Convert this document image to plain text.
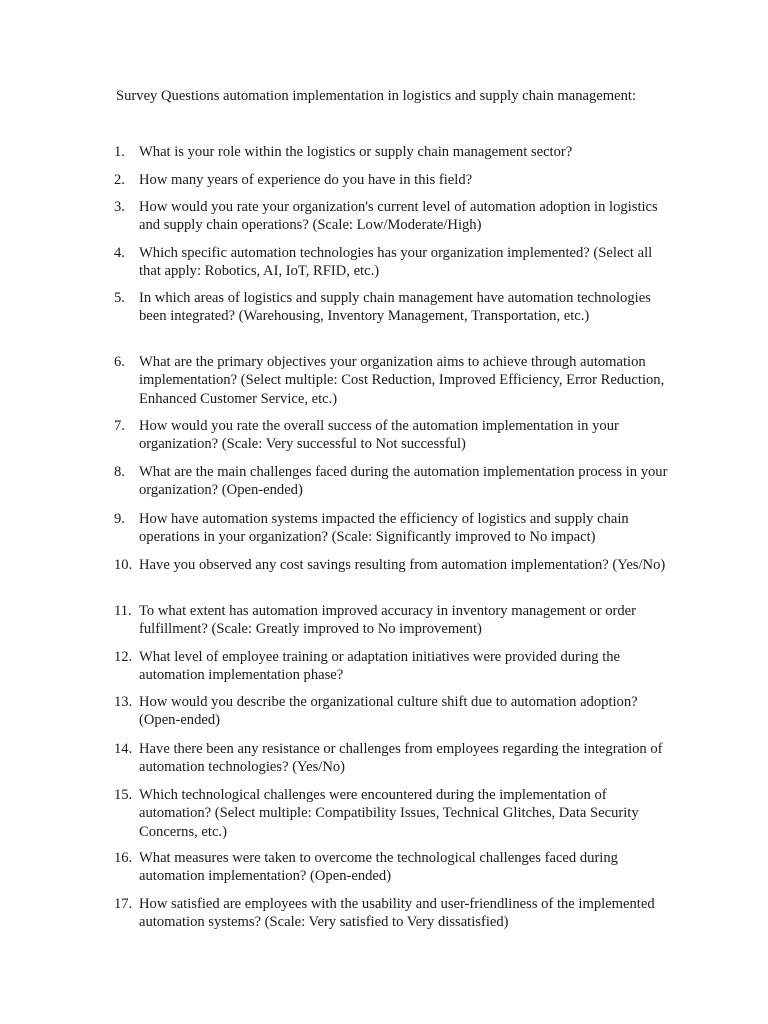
Survey Questions automation implementation in logistics and supply chain management:
1. What is your role within the logistics or supply chain management sector?
2. How many years of experience do you have in this field?
3. How would you rate your organization's current level of automation adoption in logistics and supply chain operations? (Scale: Low/Moderate/High)
4. Which specific automation technologies has your organization implemented? (Select all that apply: Robotics, AI, IoT, RFID, etc.)
5. In which areas of logistics and supply chain management have automation technologies been integrated? (Warehousing, Inventory Management, Transportation, etc.)
6. What are the primary objectives your organization aims to achieve through automation implementation? (Select multiple: Cost Reduction, Improved Efficiency, Error Reduction, Enhanced Customer Service, etc.)
7. How would you rate the overall success of the automation implementation in your organization? (Scale: Very successful to Not successful)
8. What are the main challenges faced during the automation implementation process in your organization? (Open-ended)
9. How have automation systems impacted the efficiency of logistics and supply chain operations in your organization? (Scale: Significantly improved to No impact)
10. Have you observed any cost savings resulting from automation implementation? (Yes/No)
11. To what extent has automation improved accuracy in inventory management or order fulfillment? (Scale: Greatly improved to No improvement)
12. What level of employee training or adaptation initiatives were provided during the automation implementation phase?
13. How would you describe the organizational culture shift due to automation adoption? (Open-ended)
14. Have there been any resistance or challenges from employees regarding the integration of automation technologies? (Yes/No)
15. Which technological challenges were encountered during the implementation of automation? (Select multiple: Compatibility Issues, Technical Glitches, Data Security Concerns, etc.)
16. What measures were taken to overcome the technological challenges faced during automation implementation? (Open-ended)
17. How satisfied are employees with the usability and user-friendliness of the implemented automation systems? (Scale: Very satisfied to Very dissatisfied)
